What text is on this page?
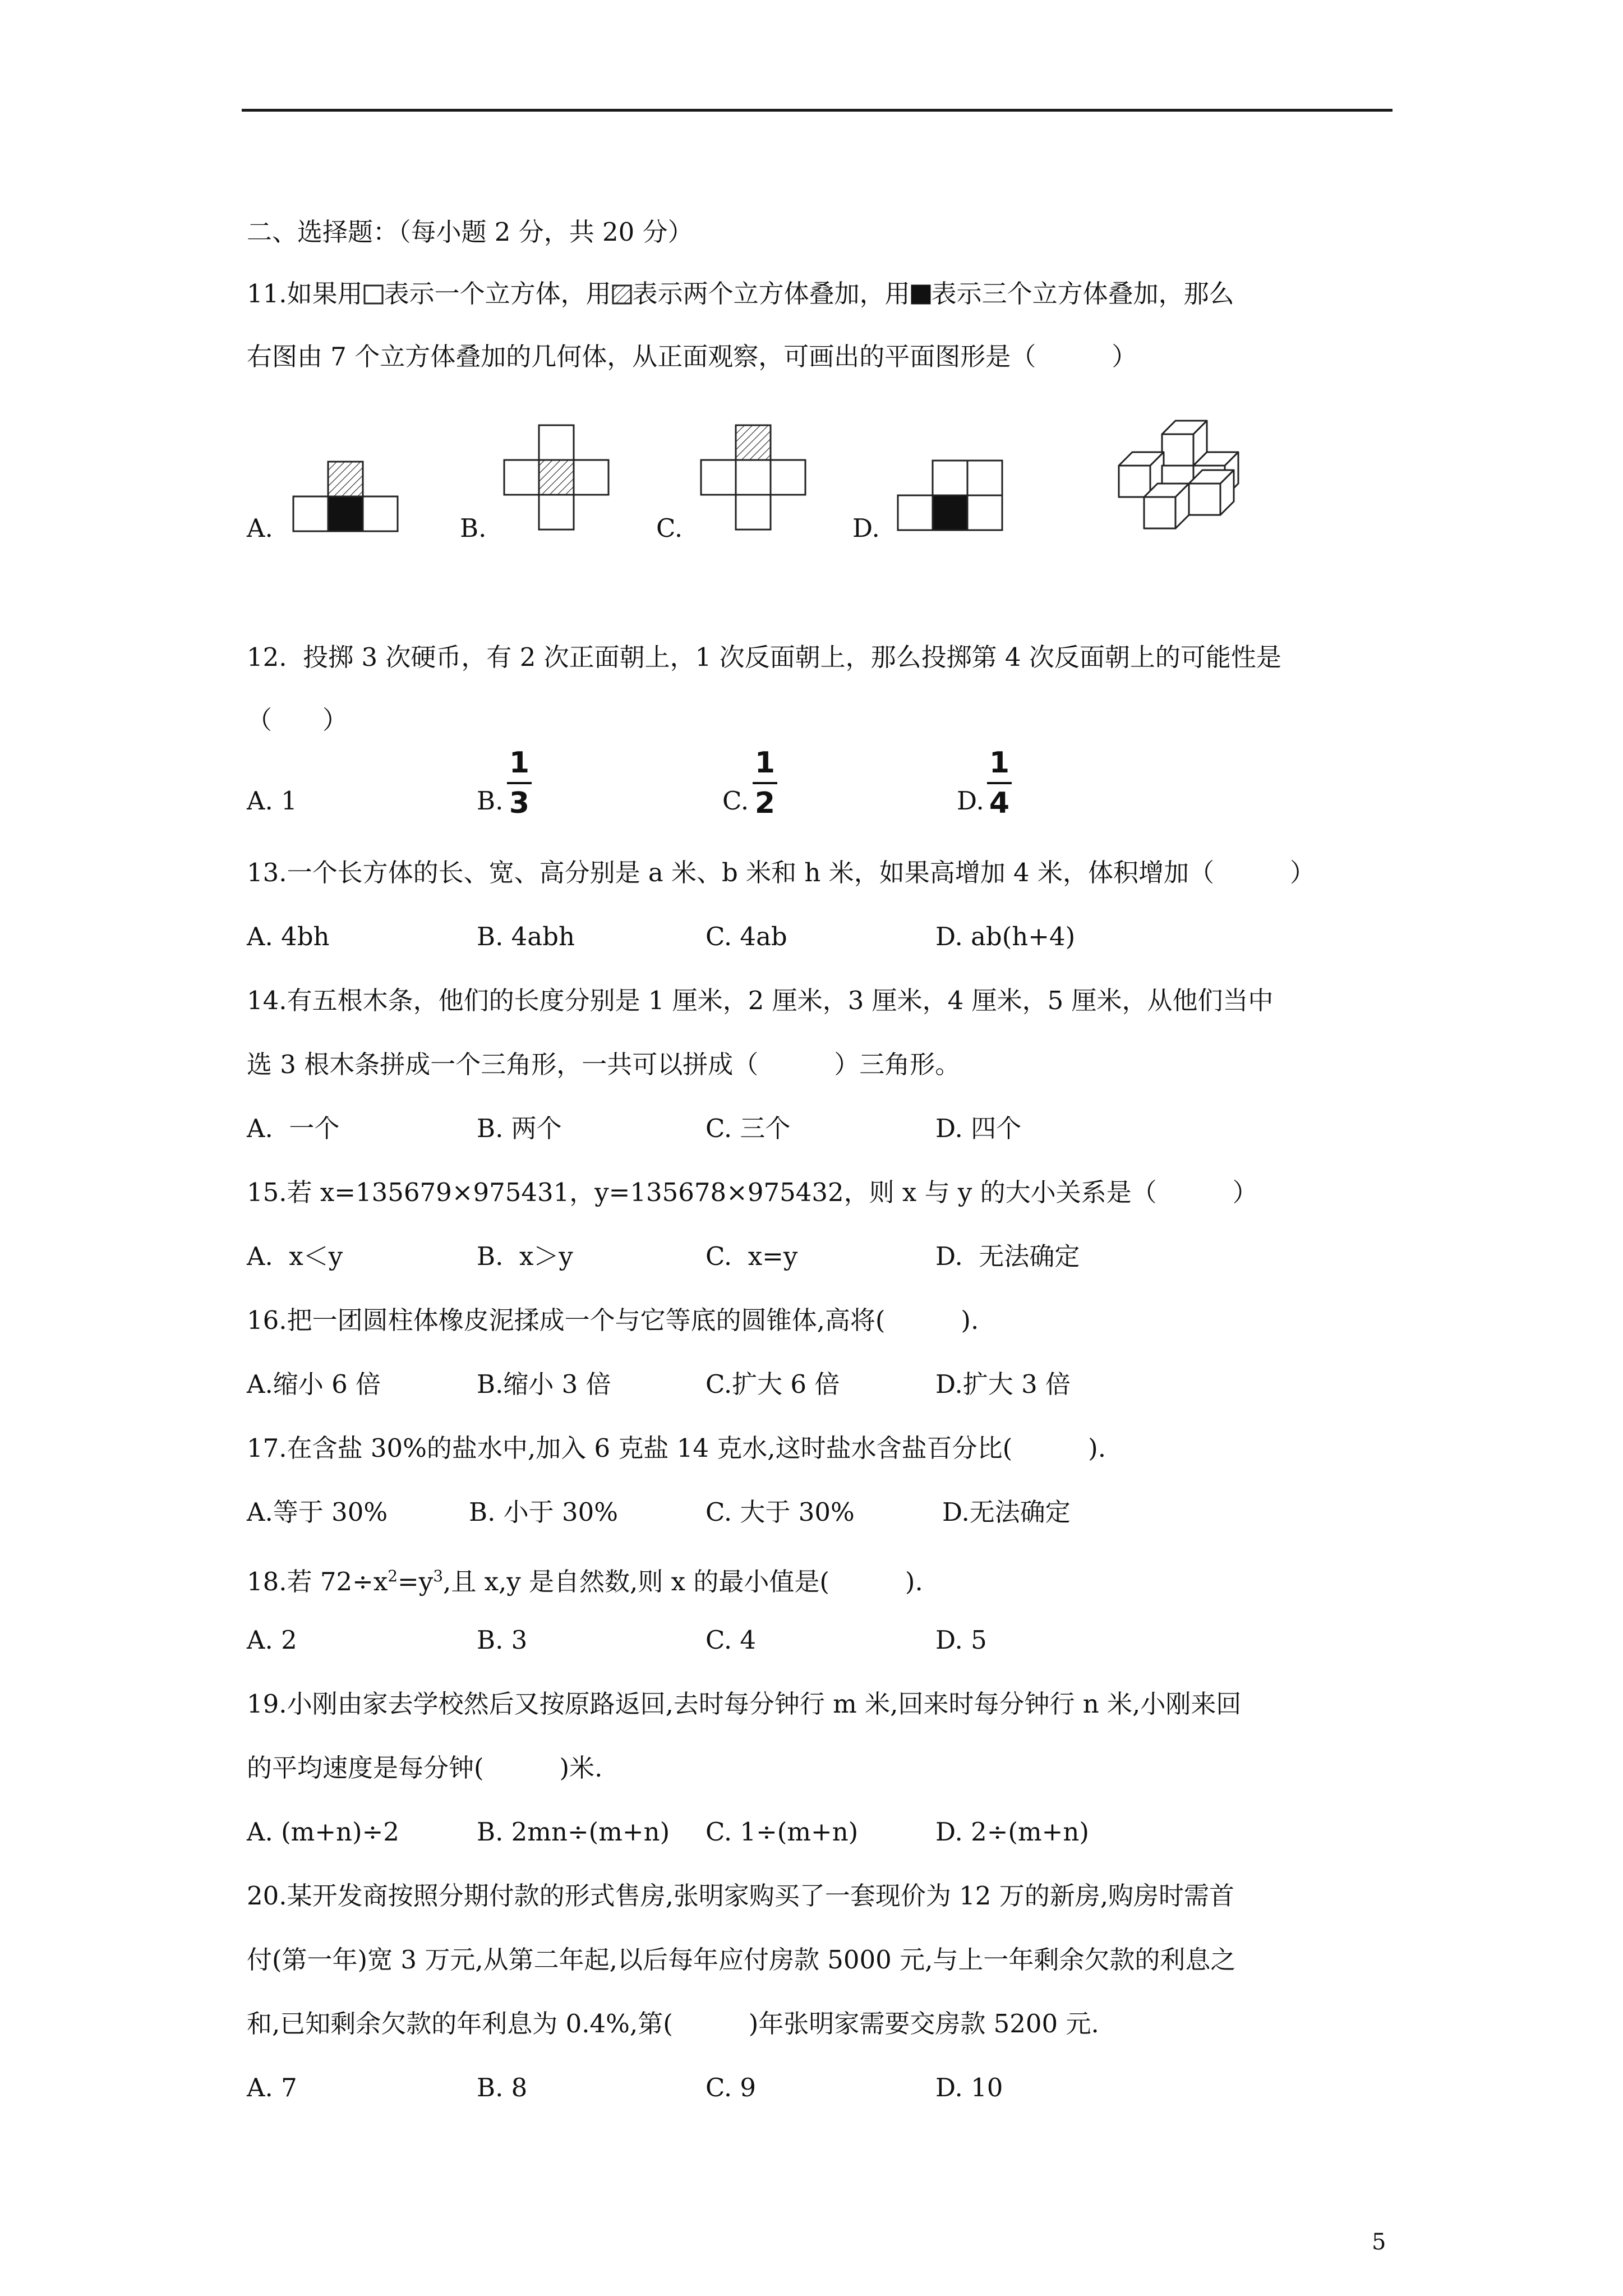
二、选择题：（每小题 2 分，共 20 分）
11.如果用 表示一个立方体，用 表示两个立方体叠加，用 表示三个立方体叠加，那么
右图由 7 个立方体叠加的几何体，从正面观察，可画出的平面图形是（　　　）
A.	B.	C.	D.
12.  投掷 3 次硬币，有 2 次正面朝上，1 次反面朝上，那么投掷第 4 次反面朝上的可能性是
（　　）
A. 1	B.
1
3	C.
1
2	D.
1
4
13.一个长方体的长、宽、高分别是 a 米、b 米和 h 米，如果高增加 4 米，体积增加（　　　）
A. 4bh	B. 4abh	C. 4ab	D. ab(h+4)
14.有五根木条，他们的长度分别是 1 厘米，2 厘米，3 厘米，4 厘米，5 厘米，从他们当中
选 3 根木条拼成一个三角形，一共可以拼成（　　　）三角形。
A.  一个	B. 两个	C. 三个	D. 四个
15.若 x=135679×975431，y=135678×975432，则 x 与 y 的大小关系是（　　　）
A.  x＜y	B.  x＞y	C.  x=y	D.  无法确定
16.把一团圆柱体橡皮泥揉成一个与它等底的圆锥体,高将(　　　).
A.缩小 6 倍	B.缩小 3 倍	C.扩大 6 倍	D.扩大 3 倍
17.在含盐 30%的盐水中,加入 6 克盐 14 克水,这时盐水含盐百分比(　　　).
A.等于 30%	B. 小于 30%	C. 大于 30%	D.无法确定
18.若 $72\div x^2=y^3$,且 x,y 是自然数,则 x 的最小值是(　　　).
A. 2	B. 3	C. 4	D. 5
19.小刚由家去学校然后又按原路返回,去时每分钟行 m 米,回来时每分钟行 n 米,小刚来回
的平均速度是每分钟(　　　)米.
A. (m+n)÷2	B. 2mn÷(m+n) C. 1÷(m+n)	D. 2÷(m+n)
20.某开发商按照分期付款的形式售房,张明家购买了一套现价为 12 万的新房,购房时需首
付(第一年)宽 3 万元,从第二年起,以后每年应付房款 5000 元,与上一年剩余欠款的利息之
和,已知剩余欠款的年利息为 0.4%,第(　　　)年张明家需要交房款 5200 元.
A. 7	B. 8	C. 9	D. 10
5
